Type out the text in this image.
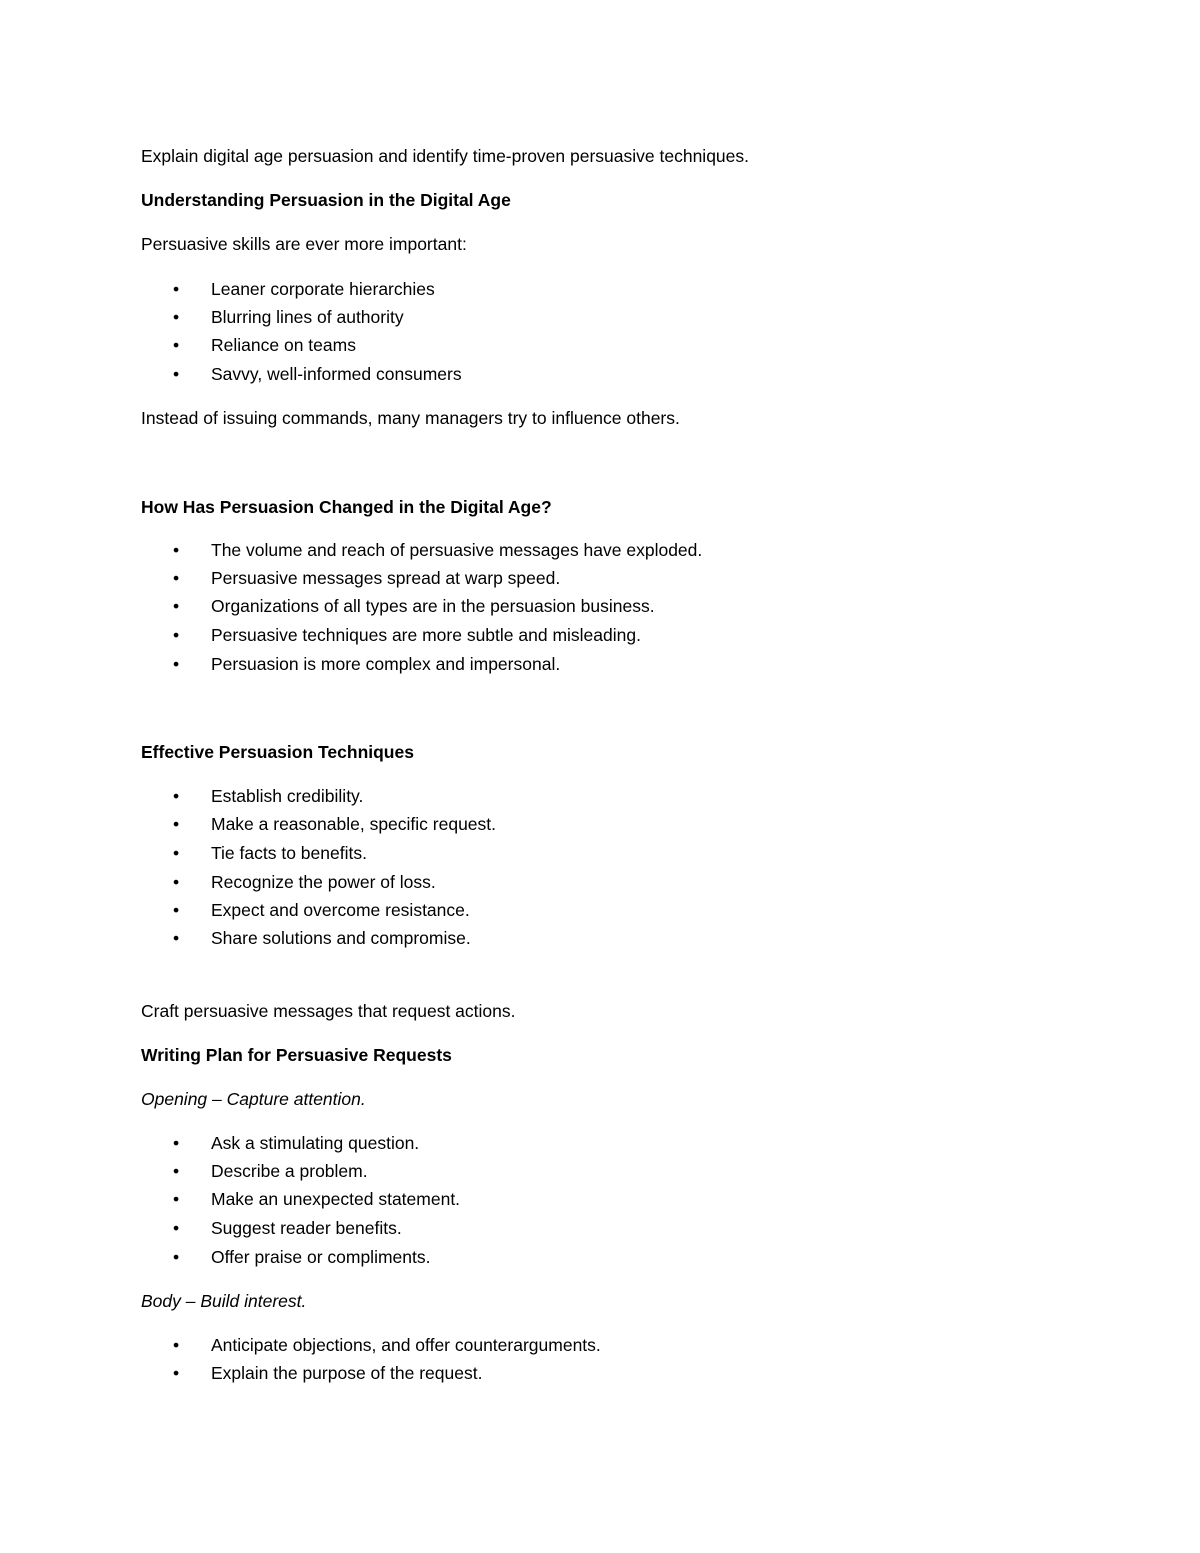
Explain digital age persuasion and identify time-proven persuasive techniques.

Understanding Persuasion in the Digital Age

Persuasive skills are ever more important:

• Leaner corporate hierarchies

• Blurring lines of authority

• Reliance on teams

• Savvy, well-informed consumers

Instead of issuing commands, many managers try to influence others.

How Has Persuasion Changed in the Digital Age?

• The volume and reach of persuasive messages have exploded.

• Persuasive messages spread at warp speed.

• Organizations of all types are in the persuasion business.

• Persuasive techniques are more subtle and misleading.

• Persuasion is more complex and impersonal.

Effective Persuasion Techniques

• Establish credibility.

• Make a reasonable, specific request.

• Tie facts to benefits.

• Recognize the power of loss.

• Expect and overcome resistance.

• Share solutions and compromise.

Craft persuasive messages that request actions.

Writing Plan for Persuasive Requests

Opening – Capture attention.

• Ask a stimulating question.

• Describe a problem.

• Make an unexpected statement.

• Suggest reader benefits.

• Offer praise or compliments.

Body – Build interest.

• Anticipate objections, and offer counterarguments.

• Explain the purpose of the request.
